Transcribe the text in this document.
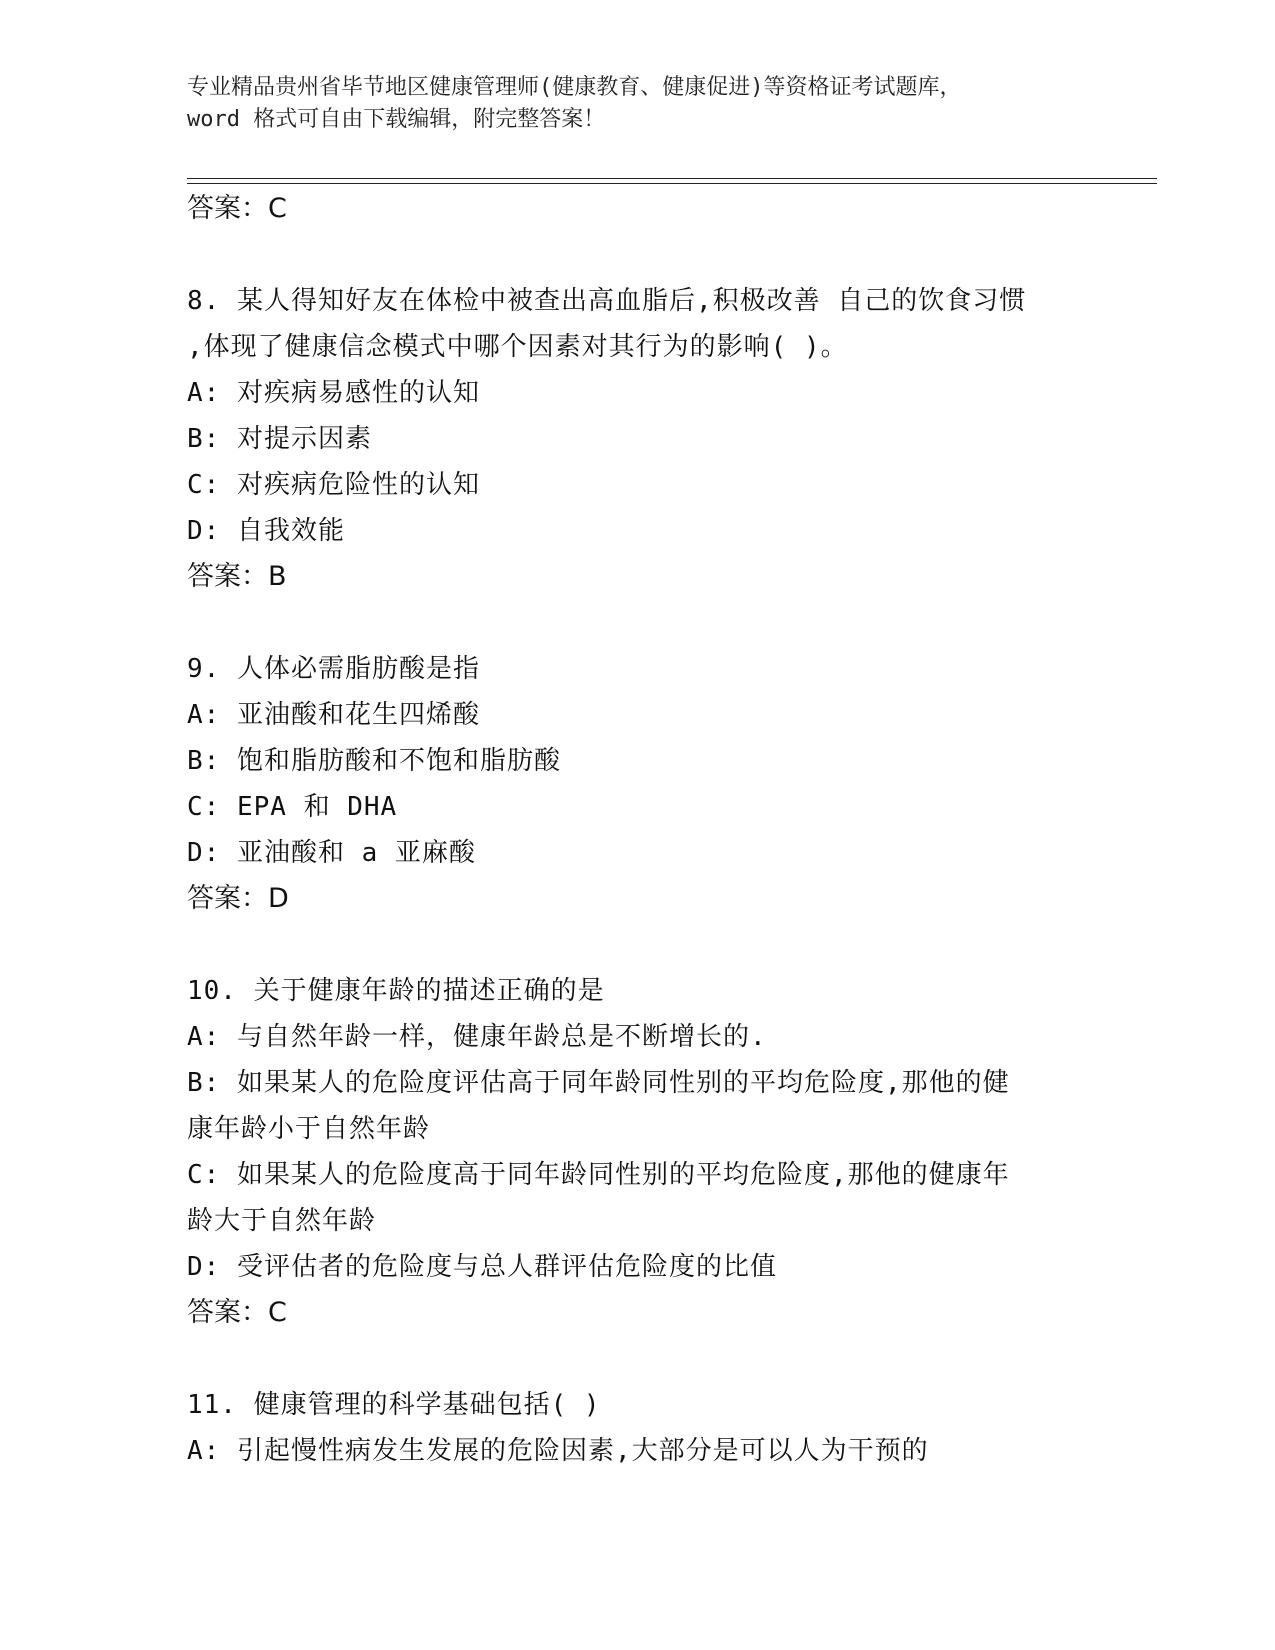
专业精品贵州省毕节地区健康管理师(健康教育、健康促进)等资格证考试题库，
word 格式可自由下载编辑，附完整答案！
答案：C
8. 某人得知好友在体检中被查出高血脂后,积极改善 自己的饮食习惯
,体现了健康信念模式中哪个因素对其行为的影响( )。
A: 对疾病易感性的认知
B: 对提示因素
C: 对疾病危险性的认知
D: 自我效能
答案：B
9. 人体必需脂肪酸是指
A: 亚油酸和花生四烯酸
B: 饱和脂肪酸和不饱和脂肪酸
C: EPA 和 DHA
D: 亚油酸和 a 亚麻酸
答案：D
10. 关于健康年龄的描述正确的是
A: 与自然年龄一样，健康年龄总是不断增长的.
B: 如果某人的危险度评估高于同年龄同性别的平均危险度,那他的健
康年龄小于自然年龄
C: 如果某人的危险度高于同年龄同性别的平均危险度,那他的健康年
龄大于自然年龄
D: 受评估者的危险度与总人群评估危险度的比值
答案：C
11. 健康管理的科学基础包括( )
A: 引起慢性病发生发展的危险因素,大部分是可以人为干预的
